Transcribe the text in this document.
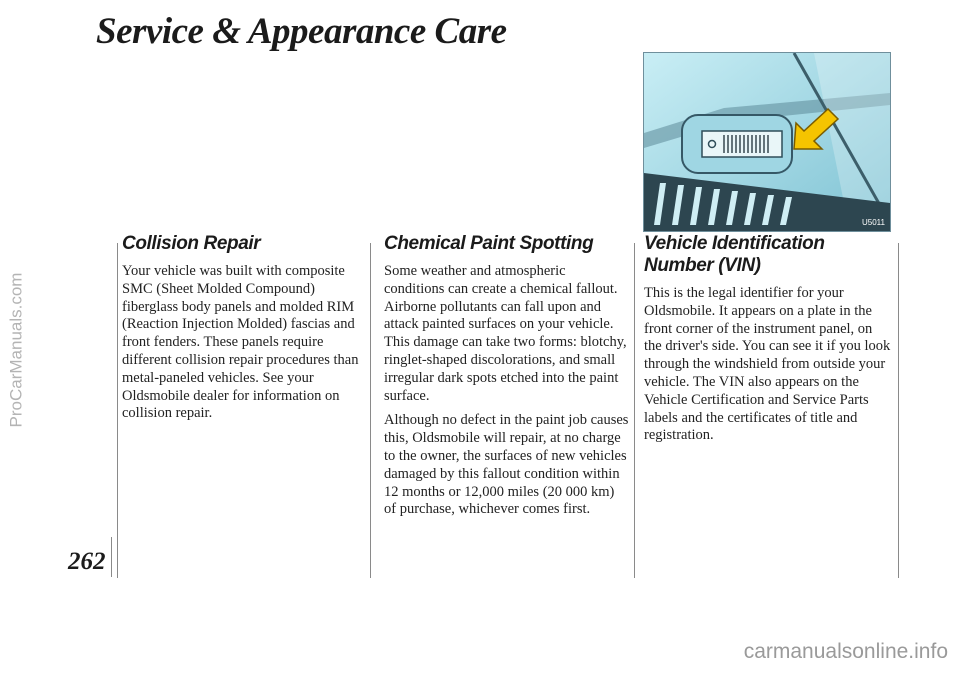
ProCarManuals.com
Service & Appearance Care
262
Collision Repair

Your vehicle was built with composite SMC (Sheet Molded Compound) fiberglass body panels and molded RIM (Reaction Injection Molded) fascias and front fenders. These panels require different collision repair procedures than metal-paneled vehicles. See your Oldsmobile dealer for information on collision repair.

Chemical Paint Spotting

Some weather and atmospheric conditions can create a chemical fallout. Airborne pollutants can fall upon and attack painted surfaces on your vehicle. This damage can take two forms: blotchy, ringlet-shaped discolorations, and small irregular dark spots etched into the paint surface.

Although no defect in the paint job causes this, Oldsmobile will repair, at no charge to the owner, the surfaces of new vehicles damaged by this fallout condition within 12 months or 12,000 miles (20 000 km) of purchase, whichever comes first.

Vehicle Identification Number (VIN)

This is the legal identifier for your Oldsmobile. It appears on a plate in the front corner of the instrument panel, on the driver's side. You can see it if you look through the windshield from outside your vehicle. The VIN also appears on the Vehicle Certification and Service Parts labels and the certificates of title and registration.

U5011
carmanualsonline.info
